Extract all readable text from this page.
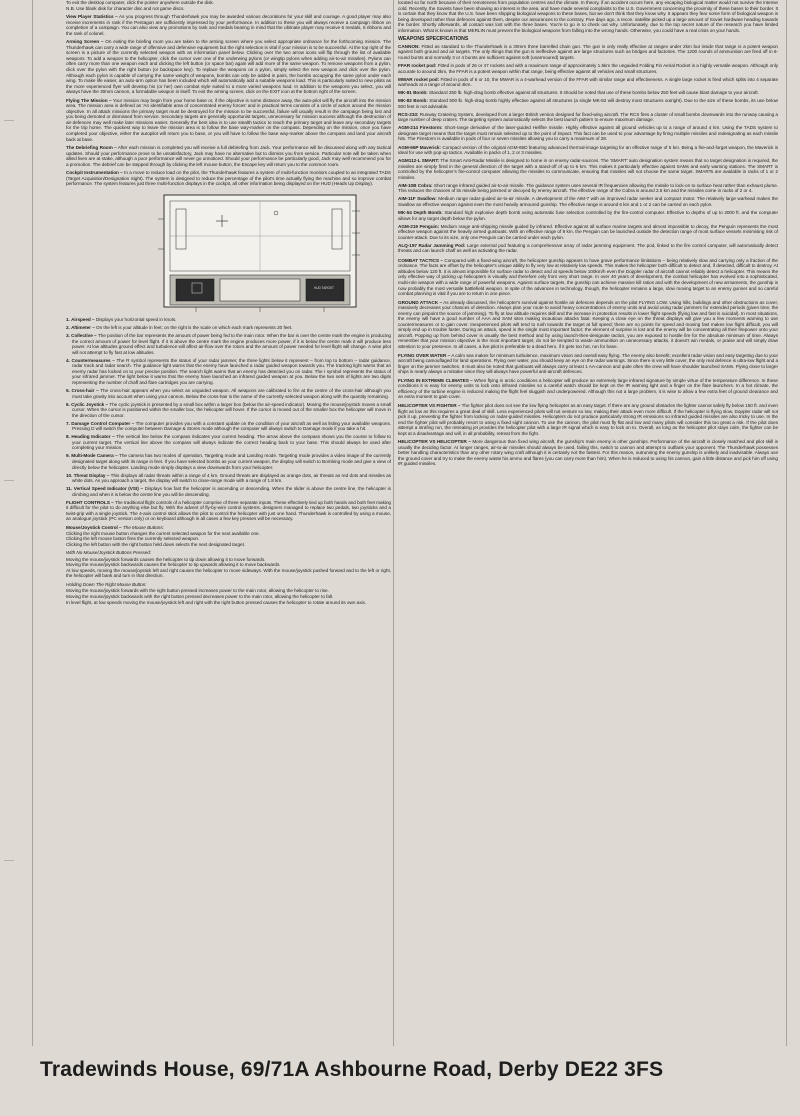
To exit the desktop computer, click the pointer anywhere outside the disk.
N.B. Use blank disk for character disc and not game discs.
View Player Statistics – As you progress through Thunderhawk you may be awarded various decorations for your skill and courage. A good player may also receive increments in rank if the Pentagon are sufficiently impressed by your performance. In addition to these you will always receive a campaign ribbon on completion of a campaign. You can also view any promotions by rank and medals bearing in mind that the ultimate player may receive 6 medals, 6 ribbons and the rank of colonel.
Arming Screen – On exiting the briefing room you are taken to the arming screen where you select appropriate ordnance for the forthcoming mission. The Thunderhawk can carry a wide range of offensive and defensive equipment but the right selection is vital if your mission is to be successful. At the top right of the screen is a picture of the currently selected weapon with an information panel below. Clicking over the two arrow icons will flip through the list of available weapons. To add a weapon to the helicopter, click the cursor over one of the underwing pylons (or wingtip pylons when adding air-to-air missiles). Pylons can often carry more than one weapon each and clicking the left button (or space bar) again will add more of the same weapon. To remove weapons from a pylon, click over the pylon with the right button (or backspace key). To replace the weapons on a pylon, simply select the new weapon and click over the pylon. Although each pylon is capable of carrying the same weight of weapons, bombs can only be added in pairs, the bombs occupying the same pylon under each wing. To make life easier, an auto-arm option has been included which will automatically add a suitable weapons load. This is particularly suited to new pilots as the more experienced flyer will develop his (or her) own combat style suited to a more varied weapons load. In addition to the weapons you select, you will always have the 30mm cannon, a formidable weapon in itself. To exit the arming screen, click on the EXIT icon at the bottom right of the screen.
Flying The Mission – Your mission may begin from your home base or, if the objective is some distance away, the auto-pilot will fly the aircraft into the mission area. The mission area is defined as 'An identifiable area of concentrated enemy forces' and in practical terms consists of a circle of action around the mission objective. In all attack missions the primary target must be destroyed for the mission to be successful, failure will usually result in the campaign being lost and you being demoted or dismissed from service. Secondary targets are generally opportunist targets, unnecessary for mission success although the destruction of air-defences may well make later missions easier. Generally the best idea is to use stealth tactics to reach the primary target and leave any secondary targets for the trip home. The quickest way to leave the mission area is to follow the base way-marker on the compass. Depending on the mission, once you have completed your objective, either the autopilot will return you to base, or you will have to follow the base way-marker above the compass and land your aircraft back at base.
The Debriefing Room – After each mission is completed you will receive a full debriefing from Jack. Your performance will be discussed along with any tactical updates. Should your performance prove to be unsatisfactory, Jack may have no alternative but to dismiss you from service. Particular note will be taken when allied lives are at stake, although a poor performance will never go unnoticed. Should your performance be particularly good, Jack may well recommend you for a promotion. The debrief can be stepped through by clicking the left mouse button, the Escape key will return you to the common room.
Cockpit Instrumentation – In a move to reduce load on the pilot, the Thunderhawk features a system of multi-function monitors coupled to an integrated TADS (Target Acquisition/Designation Sight). The system is designed to reduce the percentage of the pilot's time actually flying the machine and so improve combat performance. The system features just three multi-function displays in the cockpit, all other information being displayed on the HUD (Heads Up Display).
HUD TARGET
1. Airspeed – Displays your horizontal speed in knots.
2. Altimeter – On the left is your altitude in feet; on the right is the scale on which each mark represents 20 feet.
3. Collective – The position of the bar represents the amount of power being fed to the main rotor. When the bar is over the centre mark the engine is producing the correct amount of power for level flight. If it is above the centre mark the engine produces more power, if it is below the centre mark it will produce less power. At low altitudes ground effect and turbulence will affect air-flow over the rotors and the amount of power needed for level flight will change. A wise pilot will not attempt to fly fast at low altitudes.
4. Countermeasures – The R symbol represents the status of your radar jammer, the three lights below it represent – from top to bottom – radar guidance, radar track and radar search. The guidance light warns that the enemy have launched a radar guided weapon towards you. The tracking light warns that an enemy radar has locked on to your precise position. The search light warns that an enemy has detected you on radar. The I symbol represents the status of your infrared jammer. The light below it warns that the enemy have launched an infrared guided weapon at you. Below the two sets of lights are two digits representing the number of chaff and flare cartridges you are carrying.
5. Cross-hair – The cross-hair appears when you select an unguided weapon. All weapons are calibrated to fire at the centre of the cross-hair although you must take gravity into account when using your cannon. Below the cross-hair is the name of the currently selected weapon along with the quantity remaining.
6. Cyclic Joystick – The cyclic joystick is presented by a small box within a larger box (below the air-speed indicator). Moving the mouse/joystick moves a small cursor. When the cursor is positioned within the smaller box, the helicopter will hover. If the cursor is moved out of the smaller box the helicopter will move in the direction of the cursor.
7. Damage Control Computer – The computer provides you with a constant update on the condition of your aircraft as well as listing your available weapons. Pressing D will switch the computer between Damage & Stores mode although the computer will always switch to Damage mode if you take a hit.
8. Heading Indicator – The vertical line below the compass indicates your current heading. The arrow above the compass shows you the course to follow to your current target. The vertical line above the compass will always indicate the correct heading back to your base. This should always be used after completing your mission.
9. Multi-Mode Camera – The camera has two modes of operation, Targeting mode and Landing mode. Targeting mode provides a video image of the currently designated target along with its range in feet. If you have selected bombs as your current weapon, the display will switch to Bombing mode and give a view of directly below the helicopter. Landing mode simply displays a view downwards from your helicopter.
10. Threat Display – This displays all radar threats within a range of 4 km. Ground threats are displayed as orange dots, air threats as red dots and missiles as white dots. As you approach a target, the display will switch to close-range mode with a range of 1.8 km.
11. Vertical Speed Indicator (VSI) – Displays how fast the helicopter is ascending or descending. When the slider is above the centre line, the helicopter is climbing and when it is below the centre line you will be descending.
FLIGHT CONTROLS – The traditional flight controls of a helicopter comprise of three separate inputs. These effectively tied up both hands and both feet making it difficult for the pilot to do anything else but fly. With the advent of fly-by-wire control systems, designers managed to replace two pedals, two joysticks and a twist-grip with a single joystick. The 4-axis control stick allows the pilot to control the helicopter with just one hand. Thunderhawk is controlled by using a mouse, an analogue joystick (PC version only) or on keyboard although in all cases a few key presses will be necessary.
Mouse/Joystick Control – The Mouse Buttons:
Clicking the right mouse button changes the current selected weapon for the next available one.
Clicking the left mouse button fires the currently selected weapon.
Clicking the left button with the right button held down selects the next designated target.
With No Mouse/Joystick Buttons Pressed:
Moving the mouse/joystick forwards causes the helicopter to tip down allowing it to move forwards.
Moving the mouse/joystick backwards causes the helicopter to tip upwards allowing it to move backwards.
At low speeds, moving the mouse/joystick left and right causes the helicopter to move sideways. With the mouse/joystick pushed forward and to the left or right, the helicopter will bank and turn in that direction.
Holding Down The Right Mouse Button:
Moving the mouse/joystick forwards with the right button pressed increases power to the main rotor, allowing the helicopter to rise.
Moving the mouse/joystick backwards with the right button pressed decreases power to the main rotor, allowing the helicopter to fall.
In level flight, at low speeds moving the mouse/joystick left and right with the right button pressed causes the helicopter to rotate around its own axis.
located so far north because of their remoteness from population centres and the climate. In theory, if an accident occurs here, any escaping biological matter would not survive the intense cold. Recently, the Soviets have been showing an interest in the area, and have made several complaints to the U.S. Government concerning the proximity of these bases to their border. It is certain that they know that the U.S. have been shipping biological weapons to these bases, but we don't think that they know why. It appears they fear some form of biological weapon is being developed rather than defences against them, despite our assurances to the contrary. Five days ago, a recon. satellite picked up a large amount of Soviet hardware heading towards the border. Shortly afterwards, all contact was lost with the three bases. You're to go in to check out why. Unfortunately, due to the top secret nature of the research you have limited information. What is known is that MERLIN must prevent the biological weapons from falling into the wrong hands. Otherwise, you could have a real crisis on your hands.
WEAPONS SPECIFICATIONS
CANNON: Fitted as standard to the Thunderhawk is a 30mm three barrelled chain gun. The gun is only really effective at ranges under 2km but inside that range is a potent weapon against both ground and air targets. The only things that the gun is ineffective against are large structures such as bridges and factories. The 1200 rounds of ammunition are fired off in 6-round bursts and normally 3 or 4 bursts are sufficient against soft (unarmoured) targets.
FFAR rocket pod: Fitted in pods of 26 or 47 rockets and with a maximum range of approximately 1.5km the unguided Folding Fin Aerial Rocket is a highly versatile weapon. Although only accurate to around 2km, the FFAR is a potent weapon within that range, being effective against all vehicles and small structures.
MWAR rocket pod: Fitted in pods of 6 or 10, the MWAR is a 4-warhead version of the FFAR with similar range and effectiveness. A single large rocket is fired which splits into 4 separate warheads at a range of around 4km.
MK-81 Bomb: Standard 250 lb. high-drag bomb effective against all structures. It should be noted that use of these bombs below 250 feet will cause blast damage to your aircraft.
MK-82 Bomb: Standard 500 lb. high-drag bomb highly effective against all structures (a single MK-82 will destroy most structures outright). Due to the size of these bombs, its use below 500 feet is not advisable.
RCS-233: Runway Cratering System, developed from a larger British version designed for fixed-wing aircraft. The RCS fires a cluster of small bombs downwards into the runway causing a large number of deep craters. The targeting system automatically selects the best launch pattern to ensure maximum damage.
AGM-214 Firestorm: Short-range derivative of the laser-guided Hellfire missile. Highly effective against all ground vehicles up to a range of around 4 km. Using the TADS system to designate target means that the target must remain selected up to the point of impact. This fact can be used to your advantage by firing multiple missiles and redesignating as each missile hits. The Firestorm is available in pods of four or seven missiles allowing you to carry a maximum of 28.
AGM-65P Maverick: Compact version of the original AGM-65D featuring advanced thermal-image targeting for an effective range of 5 km. Being a fire-and-forget weapon, the Maverick is ideal for use with pop-up tactics. Available in packs of 1, 2 or 3 missiles.
AGM112-L SMART: The Smart Anti-Radar Missile is designed to home in on enemy radar-sources. The 'SMART' auto designation system means that no target designation is required, the missiles are simply fired in the general direction of the target with a stand-off of up to 6 km. This makes it particularly effective against SAMs and early warning stations. The SMART is controlled by the helicopter's fire-control computer allowing the missiles to communicate, ensuring that missiles will not choose the same target. SMARTs are available in racks of 1 or 2 missiles.
AIM-10B Cobra: Short range infrared guided air-to-air missile. The guidance system uses several IR frequencies allowing the missile to lock-on to surface heat rather than exhaust plume. This reduces the chances of its missile being jammed or decoyed by enemy aircraft. The effective range of the Cobra is around 2.5 km and the missiles come in racks of 2 or 4.
AIM-11F Swallow: Medium range radar-guided air-to-air missile. A development of the AIM-7 with an improved radar seeker and compact motor. The relatively large warhead makes the Swallow an effective weapon against even the most heavily armoured gunship. The effective range is around 6 km and 1 or 2 can be carried on each pylon.
MK-54 Depth Bomb: Standard high explosive depth bomb using automatic fuse selection controlled by the fire-control computer. Effective to depths of up to 2000 ft. and the computer allows for any target depth below the pylon.
AGM-219 Penguin: Medium range anti-shipping missile guided by infrared. Effective against all surface marine targets and almost impossible to decoy, the Penguin represents the most effective weapon against the heavily armed gunboats. With an effective range of 8 km, the Penguin can be launched outside the detection range of most surface vessels minimising risk of counter-attack. Due to its size, only one Penguin can be carried under each pylon.
ALQ-197 Radar Jamming Pod: Large external pod featuring a comprehensive array of radar jamming equipment. The pod, linked to the fire control computer, will automatically detect threats and can launch chaff as well as activating the radar.
COMBAT TACTICS – Compared with a fixed-wing aircraft, the helicopter gunship appears to have grave performance limitations – being relatively slow and carrying only a fraction of the ordnance. The facts are offset by the helicopter's unique ability to fly very low at relatively low speeds. This makes the helicopter both difficult to detect and, if detected, difficult to destroy. At altitudes below 120 ft. it is almost impossible for surface radar to detect and at speeds below 100km/h even the Doppler radar of aircraft cannot reliably detect a helicopter. This means the only effective way of picking up helicopters is visually and therefore only from very short range. In over 40 years of development, the combat helicopter has evolved into a sophisticated, multi-role weapon with a wide range of powerful weapons. Against surface targets, the gunship can achieve massive kill ratios and with the development of new armaments, the gunship is now probably the most versatile battlefield weapon. In spite of the advances in technology, though, the helicopter remains a large, slow moving target to an enemy gunner and so careful combat planning is vital if you are to return in one piece.
GROUND ATTACK – As already discussed, the helicopter's survival against hostile air defences depends on the pilot FLYING LOW. Using hills, buildings and other obstructions as cover, massively decreases your chances of detection. Always plan your route to avoid heavy concentrations of enemy units and avoid using radar jammers for extended periods (given time, the enemy can pinpoint the source of jamming). To fly at low altitude requires skill and the increase in protection results in lower flight speeds (flying low and fast is suicidal). In most situations, the enemy will have a good number of AAA and SAM sites making incautious attacks fatal. Keeping a close eye on the threat displays will give you a few moments warning to use countermeasures or to gain cover. Inexperienced pilots will tend to rush towards the target at full speed; there are no points for speed and moving fast makes low flight difficult, you will simply end up in trouble faster. During an attack, speed is the single most important factor; the element of surprise is lost and the enemy will be concentrating all their firepower onto your aircraft. Popping up from behind cover is usually the best method and by using launch-then-designate tactics, you are exposed to hostile fire for the absolute minimum of time. Always remember that your mission objective is the most important target, do not be tempted to waste ammunition on unnecessary attacks, it doesn't win medals, or praise and will simply draw attention to your presence. In all cases, a live pilot is preferable to a dead hero, if it gets too hot, run for base.
FLYING OVER WATER – A calm sea makes for minimum turbulence, maximum vision and overall easy flying. The enemy also benefit; excellent radar vision and easy targeting due to your aircraft being camouflaged for land operations. Flying over water, you should keep an eye on the radar warnings. Since there is very little cover, the only real defence is ultra-low flight and a finger on the jammer switches. It must also be noted that gunboats will always carry at least 1 AA-cannon and quite often the crew will have shoulder launched SAMs. Flying close to larger ships is nearly always a mistake since they will always have powerful anti-aircraft defences.
FLYING IN EXTREME CLIMATES – When flying in arctic conditions a helicopter will produce an extremely large infrared signature by simple virtue of the temperature difference. In these conditions it is easy for enemy units to lock onto infrared missiles so a careful watch should be kept on the IR warning light and a finger on the flare launchers. In a hot climate, the efficiency of the turbine engine is reduced making the flight feel sluggish and underpowered. Although this not a large problem, it is wise to allow a few extra feet of ground clearance and an extra moment to gain cover.
HELICOPTER VS FIGHTER – The fighter pilot does not see the low flying helicopter as an easy target. If there are any ground obstacles the fighter cannot safely fly below 150 ft. and even flight as low as this requires a great deal of skill. Less experienced pilots will not venture so low, making their attack even more difficult. If the helicopter is flying slow, Doppler radar will not pick it up, preventing the fighter from locking on radar-guided missiles. Helicopters do not produce particularly strong IR emissions so infrared guided missiles are also tricky to use. In the end the fighter pilot will probably resort to using a fixed sight cannon. To use the cannon, the pilot must fly flat and low and many pilots will consider this too great a risk. If the pilot does attempt a strafing run, the retreating jet provides the helicopter pilot with a large IR signal which is easy to lock on to. Overall, as long as the helicopter pilot stays calm, the fighter can be kept at a disadvantage and will, in all probability, retreat from the fight.
HELICOPTER VS HELICOPTER – More dangerous than fixed wing aircraft, the gunship's main enemy is other gunships. Performance of the aircraft is closely matched and pilot skill is usually the deciding factor. At longer ranges, air-to-air missiles should always be used, failing this, switch to cannon and attempt to outflank your opponent. The Thunderhawk possesses better handling characteristics than any other rotary wing craft although it is certainly not the fastest. For this reason, outrunning the enemy gunship is unlikely and inadvisable. Always use the ground cover and try to make the enemy waste his ammo and flares (you can carry more than him). When he is reduced to using his cannon, gain a little distance and pick him off using IR guided missiles.
Tradewinds House, 69/71A Ashbourne Road, Derby DE22 3FS
